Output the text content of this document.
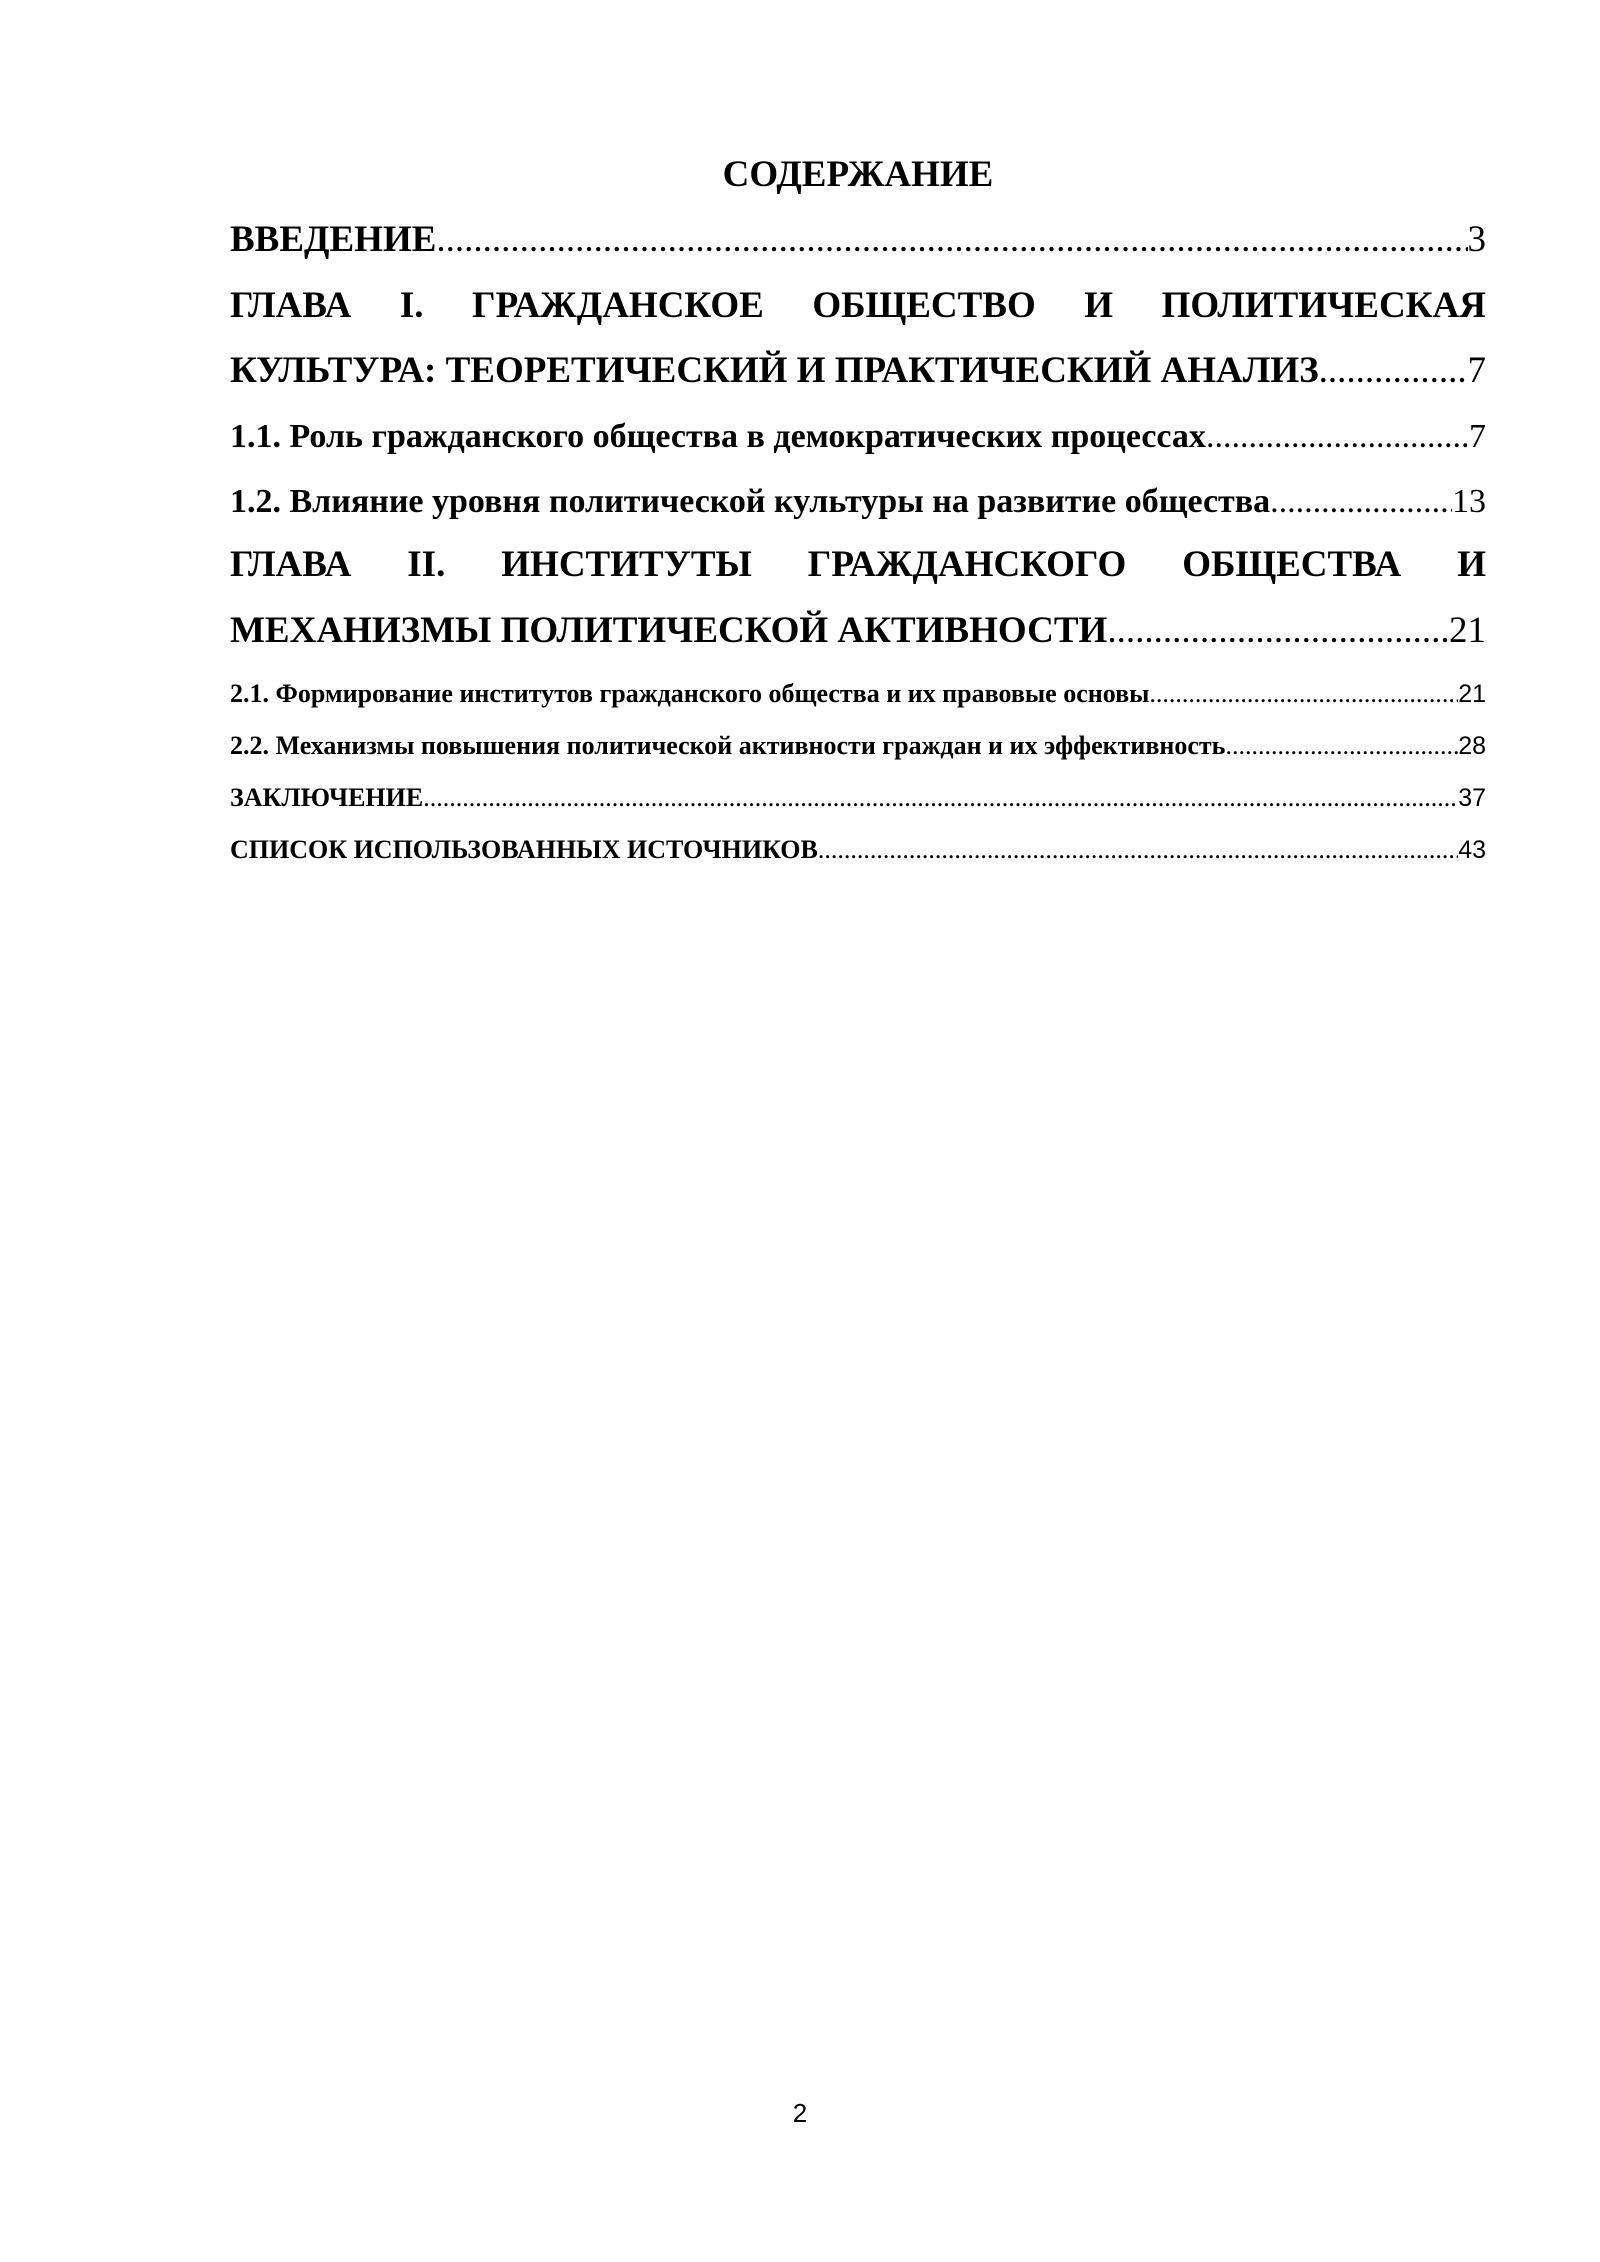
СОДЕРЖАНИЕ
ВВЕДЕНИЕ .....	3
ГЛАВА I. ГРАЖДАНСКОЕ ОБЩЕСТВО И ПОЛИТИЧЕСКАЯ
КУЛЬТУРА: ТЕОРЕТИЧЕСКИЙ И ПРАКТИЧЕСКИЙ АНАЛИЗ .....	7
1.1. Роль гражданского общества в демократических процессах .....	7
1.2. Влияние уровня политической культуры на развитие общества .....	13
ГЛАВА II. ИНСТИТУТЫ ГРАЖДАНСКОГО ОБЩЕСТВА И
МЕХАНИЗМЫ ПОЛИТИЧЕСКОЙ АКТИВНОСТИ .....	21
2.1. Формирование институтов гражданского общества и их правовые основы .....	21
2.2. Механизмы повышения политической активности граждан и их эффективность .....	28
ЗАКЛЮЧЕНИЕ .....	37
СПИСОК ИСПОЛЬЗОВАННЫХ ИСТОЧНИКОВ .....	43
2
